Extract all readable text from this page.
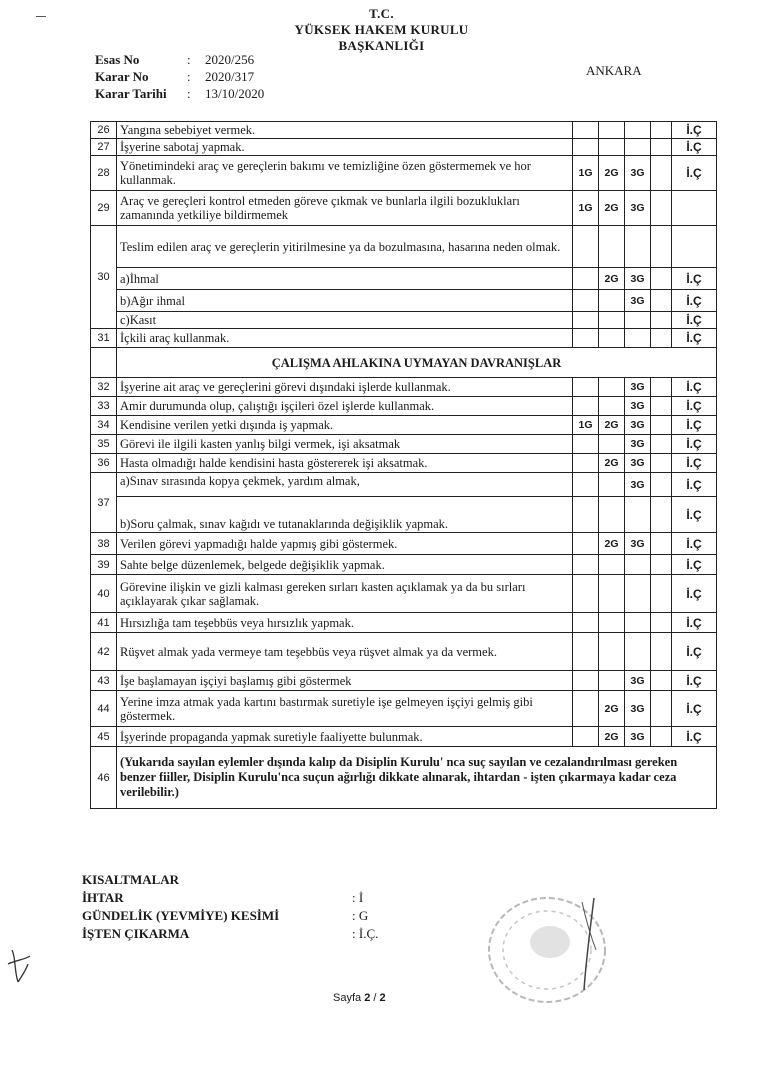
T.C.
YÜKSEK HAKEM KURULU
BAŞKANLIĞI
Esas No	: 2020/256
Karar No	: 2020/317
Karar Tarihi : 13/10/2020
ANKARA
26	Yangına sebebiyet vermek.					İ.Ç
27	İşyerine sabotaj yapmak.					İ.Ç
28	Yönetimindeki araç ve gereçlerin bakımı ve temizliğine özen göstermemek ve hor kullanmak.	1G	2G	3G		İ.Ç
29	Araç ve gereçleri kontrol etmeden göreve çıkmak ve bunlarla ilgili bozuklukları zamanında yetkiliye bildirmemek	1G	2G	3G		
30	Teslim edilen araç ve gereçlerin yitirilmesine ya da bozulmasına, hasarına neden olmak.					
	a)İhmal		2G	3G		İ.Ç
	b)Ağır ihmal			3G		İ.Ç
	c)Kasıt					İ.Ç
31	İçkili araç kullanmak.					İ.Ç
	ÇALIŞMA AHLAKINA UYMAYAN DAVRANIŞLAR					
32	İşyerine ait araç ve gereçlerini görevi dışındaki işlerde kullanmak.			3G		İ.Ç
33	Amir durumunda olup, çalıştığı işçileri özel işlerde kullanmak.			3G		İ.Ç
34	Kendisine verilen yetki dışında iş yapmak.	1G	2G	3G		İ.Ç
35	Görevi ile ilgili kasten yanlış bilgi vermek, işi aksatmak			3G		İ.Ç
36	Hasta olmadığı halde kendisini hasta göstererek işi aksatmak.		2G	3G		İ.Ç
37	a)Sınav sırasında kopya çekmek, yardım almak,			3G		İ.Ç
	b)Soru çalmak, sınav kağıdı ve tutanaklarında değişiklik yapmak.					İ.Ç
38	Verilen görevi yapmadığı halde yapmış gibi göstermek.		2G	3G		İ.Ç
39	Sahte belge düzenlemek, belgede değişiklik yapmak.					İ.Ç
40	Görevine ilişkin ve gizli kalması gereken sırları kasten açıklamak ya da bu sırları açıklayarak çıkar sağlamak.					İ.Ç
41	Hırsızlığa tam teşebbüs veya hırsızlık yapmak.					İ.Ç
42	Rüşvet almak yada vermeye tam teşebbüs veya rüşvet almak ya da vermek.					İ.Ç
43	İşe başlamayan işçiyi başlamış gibi göstermek			3G		İ.Ç
44	Yerine imza atmak yada kartını bastırmak suretiyle işe gelmeyen işçiyi gelmiş gibi göstermek.		2G	3G		İ.Ç
45	İşyerinde propaganda yapmak suretiyle faaliyette bulunmak.		2G	3G		İ.Ç
46	(Yukarıda sayılan eylemler dışında kalıp da Disiplin Kurulu' nca suç sayılan ve cezalandırılması gereken benzer fiiller, Disiplin Kurulu'nca suçun ağırlığı dikkate alınarak, ihtardan - işten çıkarmaya kadar ceza verilebilir.)					
KISALTMALAR
İHTAR	: İ
GÜNDELİK (YEVMİYE) KESİMİ	: G
İŞTEN ÇIKARMA	: İ.Ç.
Sayfa 2 / 2
